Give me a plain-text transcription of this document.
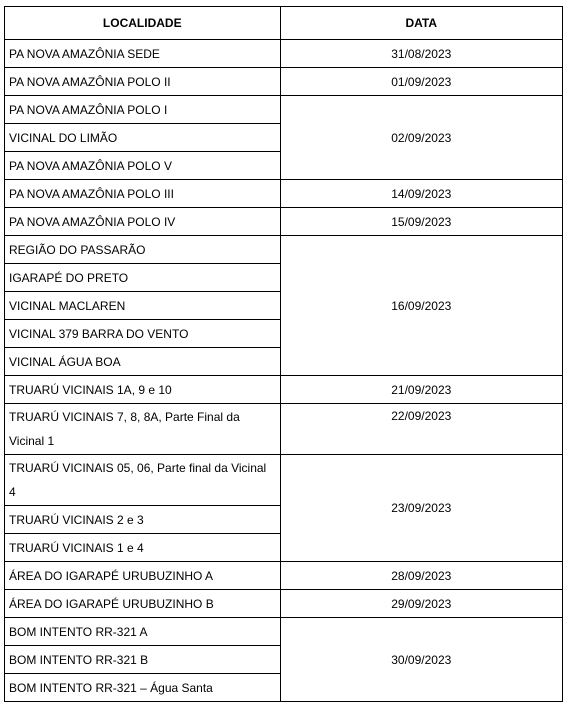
LOCALIDADE	DATA
PA NOVA AMAZÔNIA SEDE	31/08/2023
PA NOVA AMAZÔNIA POLO II	01/09/2023
PA NOVA AMAZÔNIA POLO I	02/09/2023
VICINAL DO LIMÃO	
PA NOVA AMAZÔNIA POLO V	
PA NOVA AMAZÔNIA POLO III	14/09/2023
PA NOVA AMAZÔNIA POLO IV	15/09/2023
REGIÃO DO PASSARÃO	16/09/2023
IGARAPÉ DO PRETO	
VICINAL MACLAREN	
VICINAL 379 BARRA DO VENTO	
VICINAL ÁGUA BOA	
TRUARÚ VICINAIS 1A, 9 e 10	21/09/2023
TRUARÚ VICINAIS 7, 8, 8A, Parte Final da Vicinal 1	22/09/2023
TRUARÚ VICINAIS 05, 06, Parte final da Vicinal 4	23/09/2023
TRUARÚ VICINAIS 2 e 3	
TRUARÚ VICINAIS 1 e 4	
ÁREA DO IGARAPÉ URUBUZINHO A	28/09/2023
ÁREA DO IGARAPÉ URUBUZINHO B	29/09/2023
BOM INTENTO RR-321 A	30/09/2023
BOM INTENTO RR-321 B	
BOM INTENTO RR-321 – Água Santa	
